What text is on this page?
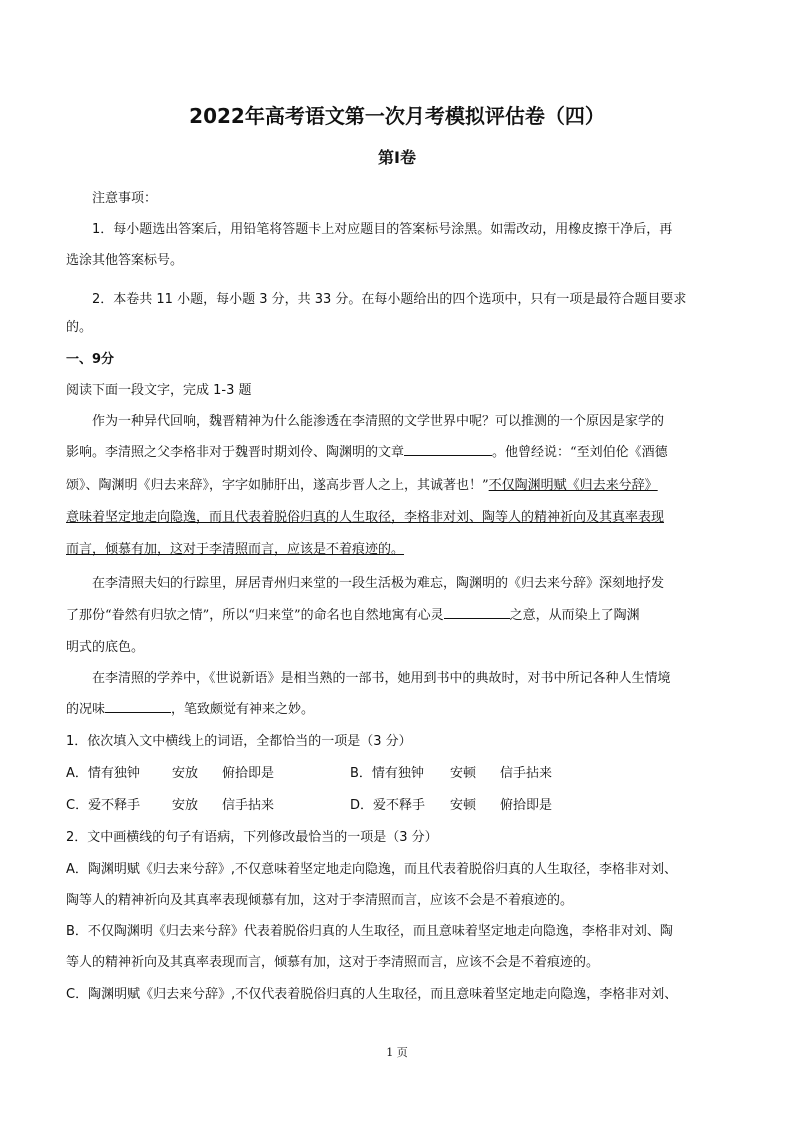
2022年高考语文第一次月考模拟评估卷（四）
第Ⅰ卷
注意事项：
1．每小题选出答案后，用铅笔将答题卡上对应题目的答案标号涂黑。如需改动，用橡皮擦干净后，再
选涂其他答案标号。
2．本卷共 11 小题，每小题 3 分，共 33 分。在每小题给出的四个选项中，只有一项是最符合题目要求
的。
一、9分
阅读下面一段文字，完成 1-3 题
作为一种异代回响，魏晋精神为什么能渗透在李清照的文学世界中呢？可以推测的一个原因是家学的
影响。李清照之父李格非对于魏晋时期刘伶、陶渊明的文章	。他曾经说：“至刘伯伦《酒德
颂》、陶渊明《归去来辞》，字字如肺肝出，遂高步晋人之上，其诚著也！”不仅陶渊明赋《归去来兮辞》
意味着坚定地走向隐逸，而且代表着脱俗归真的人生取径，李格非对刘、陶等人的精神祈向及其真率表现
而言，倾慕有加，这对于李清照而言，应该是不着痕迹的。
在李清照夫妇的行踪里，屏居青州归来堂的一段生活极为难忘，陶渊明的《归去来兮辞》深刻地抒发
了那份“眷然有归欤之情”，所以“归来堂”的命名也自然地寓有心灵	之意，从而染上了陶渊
明式的底色。
在李清照的学养中，《世说新语》是相当熟的一部书，她用到书中的典故时，对书中所记各种人生情境
的况味	，笔致颇觉有神来之妙。
1．依次填入文中横线上的词语，全都恰当的一项是（3 分）
A．情有独钟 安放 俯拾即是	B．情有独钟 安顿 信手拈来
C．爱不释手 安放 信手拈来	D．爱不释手 安顿 俯拾即是
2．文中画横线的句子有语病，下列修改最恰当的一项是（3 分）
A．陶渊明赋《归去来兮辞》,不仅意味着坚定地走向隐逸，而且代表着脱俗归真的人生取径，李格非对刘、
陶等人的精神祈向及其真率表现倾慕有加，这对于李清照而言，应该不会是不着痕迹的。
B．不仅陶渊明《归去来兮辞》代表着脱俗归真的人生取径，而且意味着坚定地走向隐逸，李格非对刘、陶
等人的精神祈向及其真率表现而言，倾慕有加，这对于李清照而言，应该不会是不着痕迹的。
C．陶渊明赋《归去来兮辞》,不仅代表着脱俗归真的人生取径，而且意味着坚定地走向隐逸，李格非对刘、
1 页
